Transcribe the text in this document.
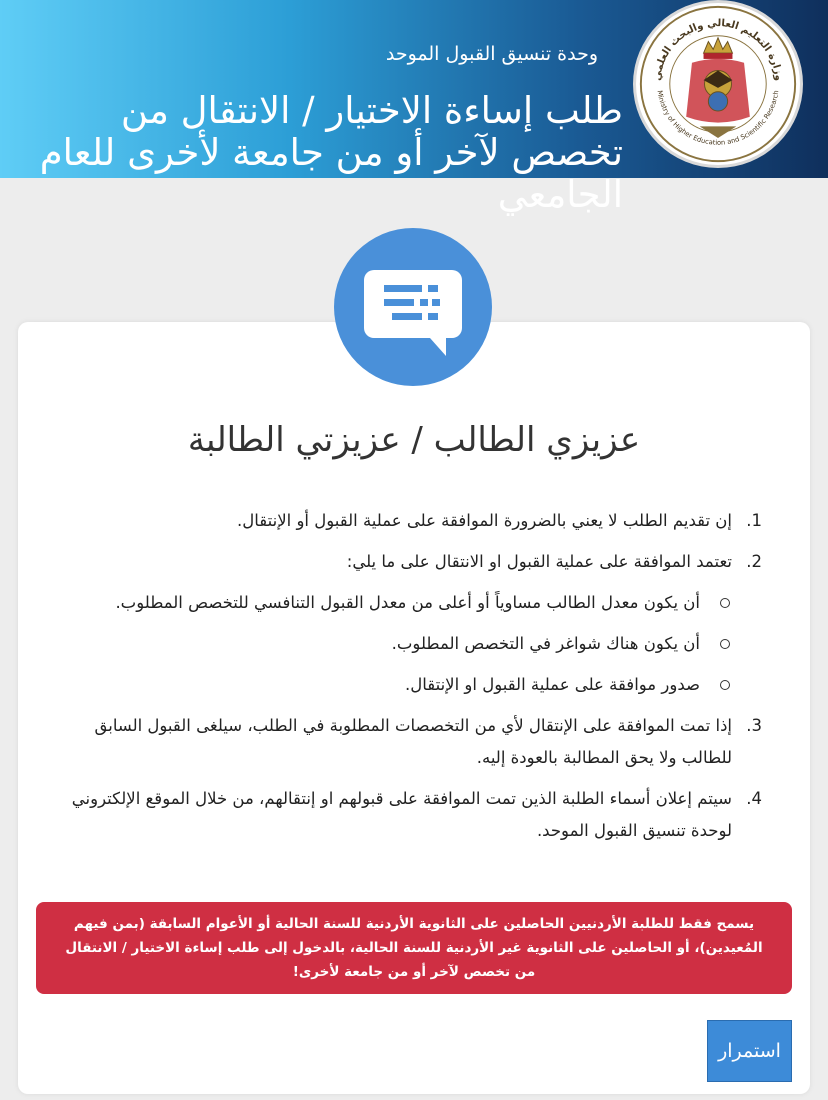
وحدة تنسيق القبول الموحد
طلب إساءة الاختيار / الانتقال من تخصص لآخر أو من جامعة لأخرى للعام الجامعي
وزارة التعليم العالي والبحث العلمي
Ministry of Higher Education and Scientific Research
عزيزي الطالب / عزيزتي الطالبة
1.
إن تقديم الطلب لا يعني بالضرورة الموافقة على عملية القبول أو الإنتقال.
2.
تعتمد الموافقة على عملية القبول او الانتقال على ما يلي:
أن يكون معدل الطالب مساوياً أو أعلى من معدل القبول التنافسي للتخصص المطلوب.
أن يكون هناك شواغر في التخصص المطلوب.
صدور موافقة على عملية القبول او الإنتقال.
3.
إذا تمت الموافقة على الإنتقال لأي من التخصصات المطلوبة في الطلب، سيلغى القبول السابق للطالب ولا يحق المطالبة بالعودة إليه.
4.
سيتم إعلان أسماء الطلبة الذين تمت الموافقة على قبولهم او إنتقالهم، من خلال الموقع الإلكتروني لوحدة تنسيق القبول الموحد.
يسمح فقط للطلبة الأردنيين الحاصلين على الثانوية الأردنية للسنة الحالية أو الأعوام السابقة (بمن فيهم المُعيدين)، أو الحاصلين على الثانوية غير الأردنية للسنة الحالية، بالدخول إلى طلب إساءة الاختيار / الانتقال من تخصص لآخر أو من جامعة لأخرى!
استمرار
